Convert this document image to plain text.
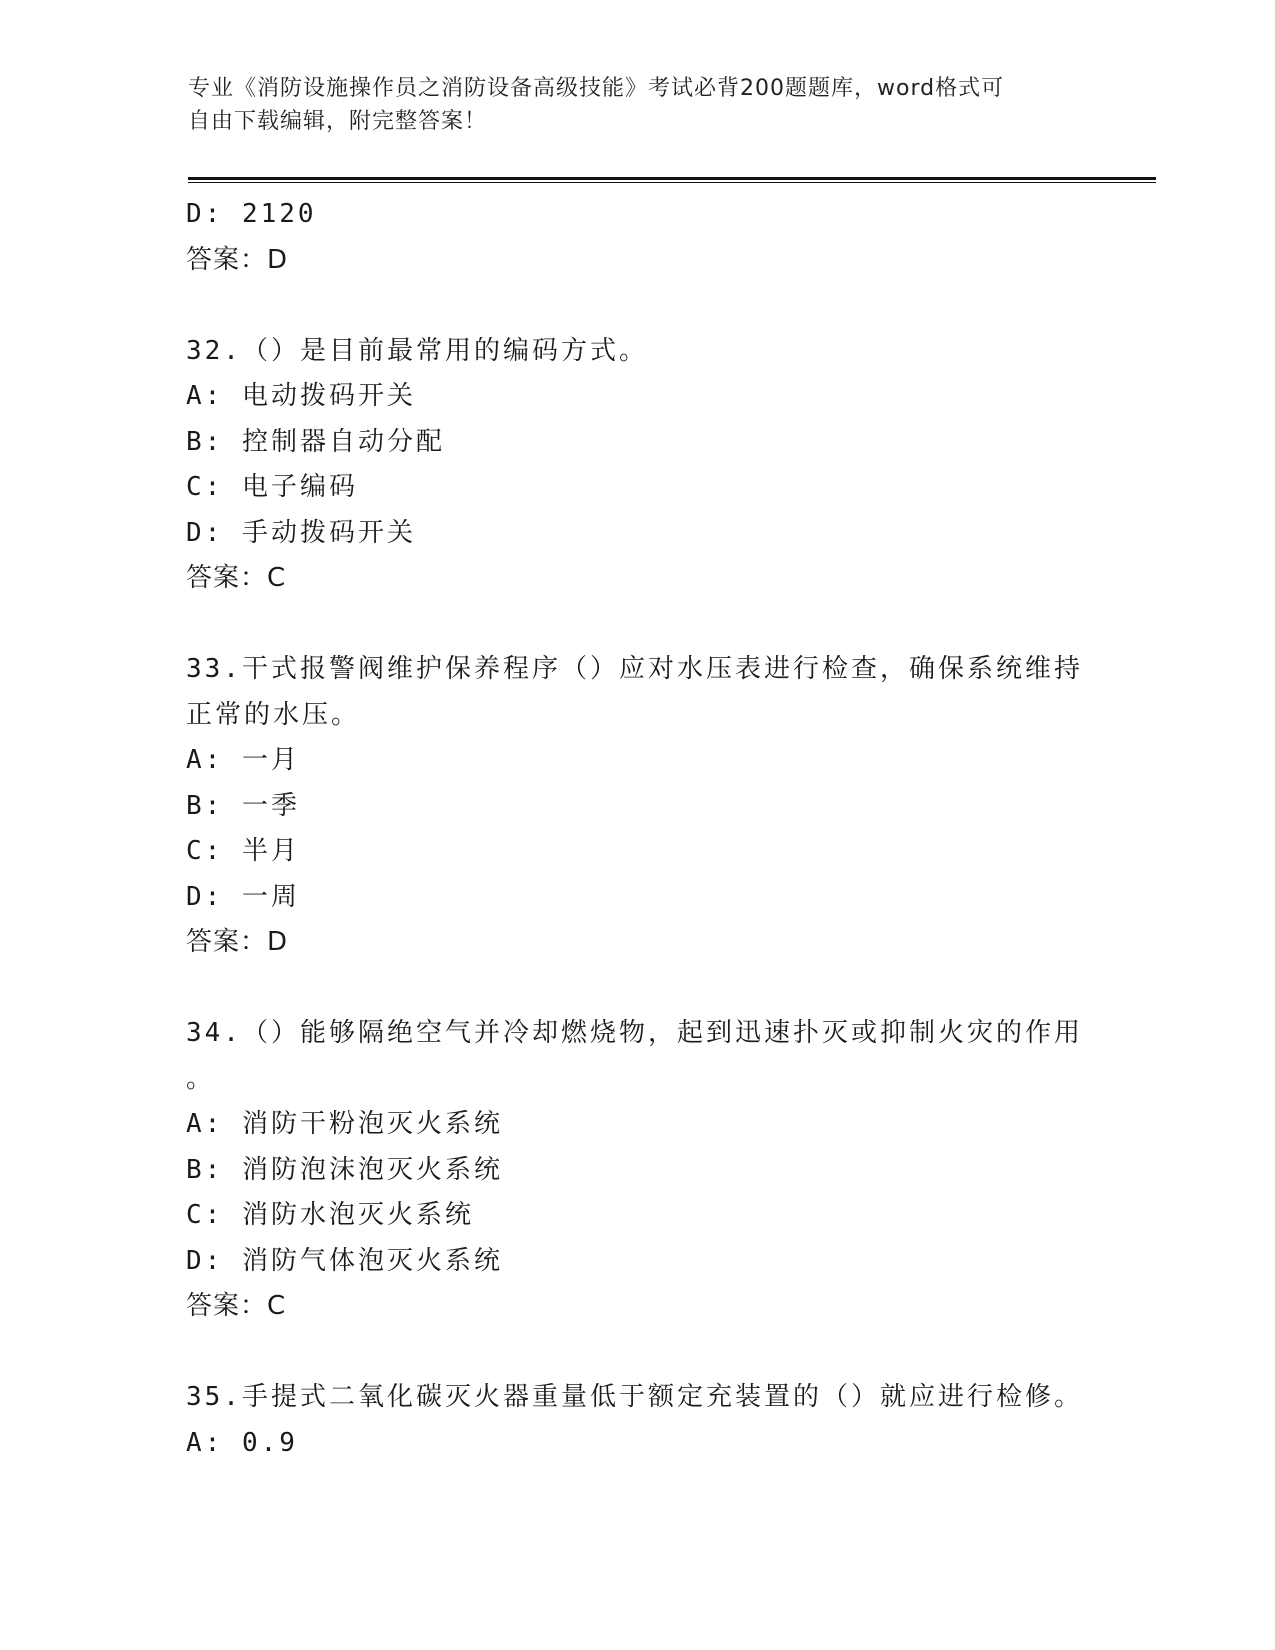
专业《消防设施操作员之消防设备高级技能》考试必背200题题库，word格式可
自由下载编辑，附完整答案！
D: 2120
答案：D
32.（）是目前最常用的编码方式。
A: 电动拨码开关
B: 控制器自动分配
C: 电子编码
D: 手动拨码开关
答案：C
33.干式报警阀维护保养程序（）应对水压表进行检查，确保系统维持
正常的水压。
A: 一月
B: 一季
C: 半月
D: 一周
答案：D
34.（）能够隔绝空气并冷却燃烧物，起到迅速扑灭或抑制火灾的作用
。
A: 消防干粉泡灭火系统
B: 消防泡沫泡灭火系统
C: 消防水泡灭火系统
D: 消防气体泡灭火系统
答案：C
35.手提式二氧化碳灭火器重量低于额定充装置的（）就应进行检修。
A: 0.9
